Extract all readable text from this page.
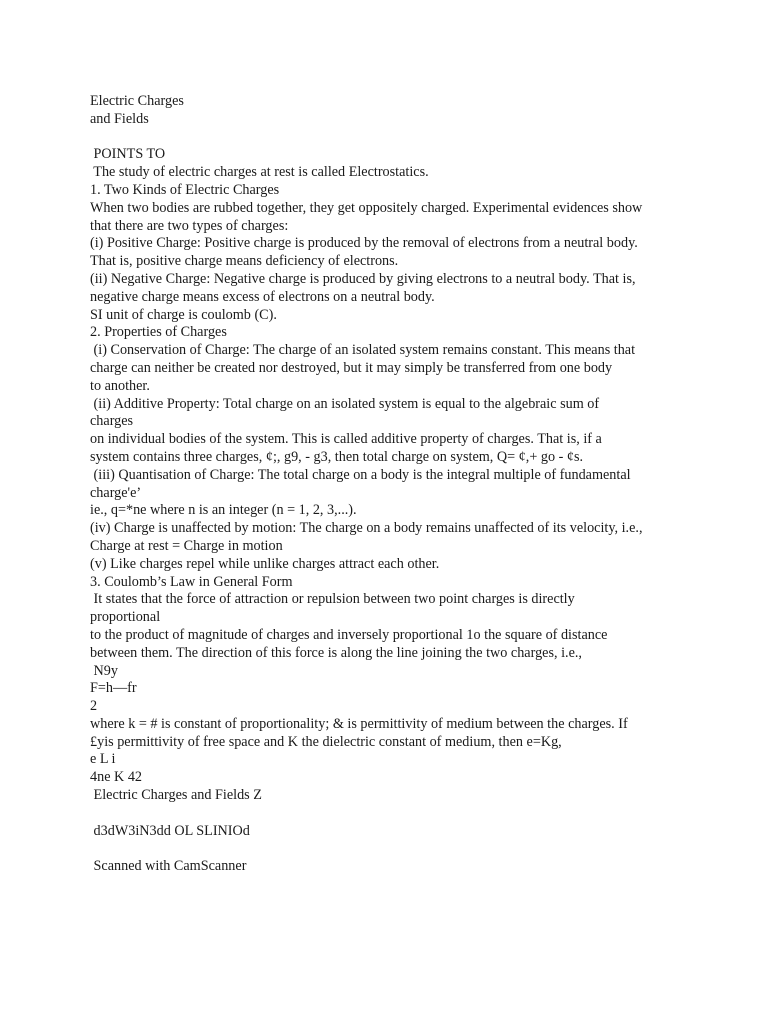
Electric Charges
and Fields
POINTS TO
The study of electric charges at rest is called Electrostatics.
1. Two Kinds of Electric Charges
When two bodies are rubbed together, they get oppositely charged. Experimental evidences show
that there are two types of charges:
(i) Positive Charge: Positive charge is produced by the removal of electrons from a neutral body.
That is, positive charge means deficiency of electrons.
(ii) Negative Charge: Negative charge is produced by giving electrons to a neutral body. That is,
negative charge means excess of electrons on a neutral body.
SI unit of charge is coulomb (C).
2. Properties of Charges
(i) Conservation of Charge: The charge of an isolated system remains constant. This means that
charge can neither be created nor destroyed, but it may simply be transferred from one body
to another.
(ii) Additive Property: Total charge on an isolated system is equal to the algebraic sum of
charges
on individual bodies of the system. This is called additive property of charges. That is, if a
system contains three charges, ¢;, g9, - g3, then total charge on system, Q= ¢,+ go - ¢s.
(iii) Quantisation of Charge: The total charge on a body is the integral multiple of fundamental
charge'e’
ie., q=*ne where n is an integer (n = 1, 2, 3,...).
(iv) Charge is unaffected by motion: The charge on a body remains unaffected of its velocity, i.e.,
Charge at rest = Charge in motion
(v) Like charges repel while unlike charges attract each other.
3. Coulomb’s Law in General Form
It states that the force of attraction or repulsion between two point charges is directly
proportional
to the product of magnitude of charges and inversely proportional 1o the square of distance
between them. The direction of this force is along the line joining the two charges, i.e.,
N9y
F=h—fr
2
where k = # is constant of proportionality; & is permittivity of medium between the charges. If
£yis permittivity of free space and K the dielectric constant of medium, then e=Kg,
e L i
4ne K 42
Electric Charges and Fields Z
d3dW3iN3dd OL SLINIOd
Scanned with CamScanner
